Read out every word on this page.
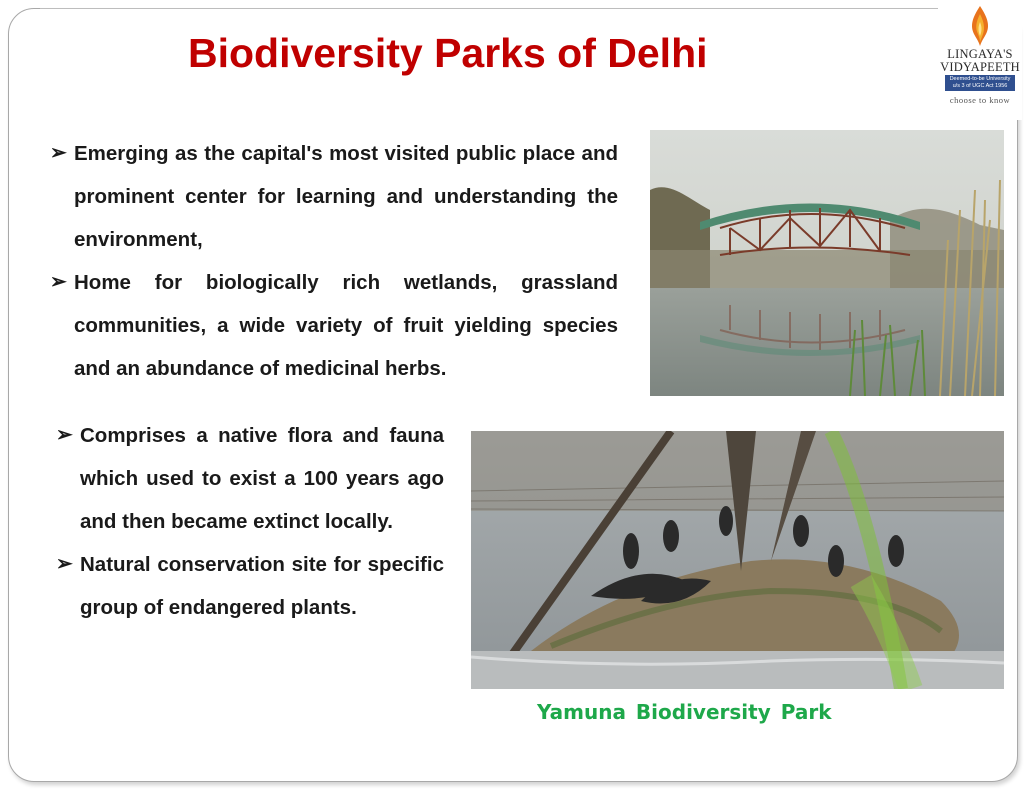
Biodiversity Parks of Delhi	LINGAYA'S
VIDYAPEETH
Deemed-to-be University
u/s 3 of UGC Act 1956
choose to know
➢ Emerging as the capital's most visited public place and prominent center for learning and understanding the environment,
➢ Home for biologically rich wetlands, grassland communities, a wide variety of fruit yielding species and an abundance of medicinal herbs.
➢ Comprises a native flora and fauna which used to exist a 100 years ago and then became extinct locally.
➢ Natural conservation site for specific group of endangered plants.
Yamuna Biodiversity Park
